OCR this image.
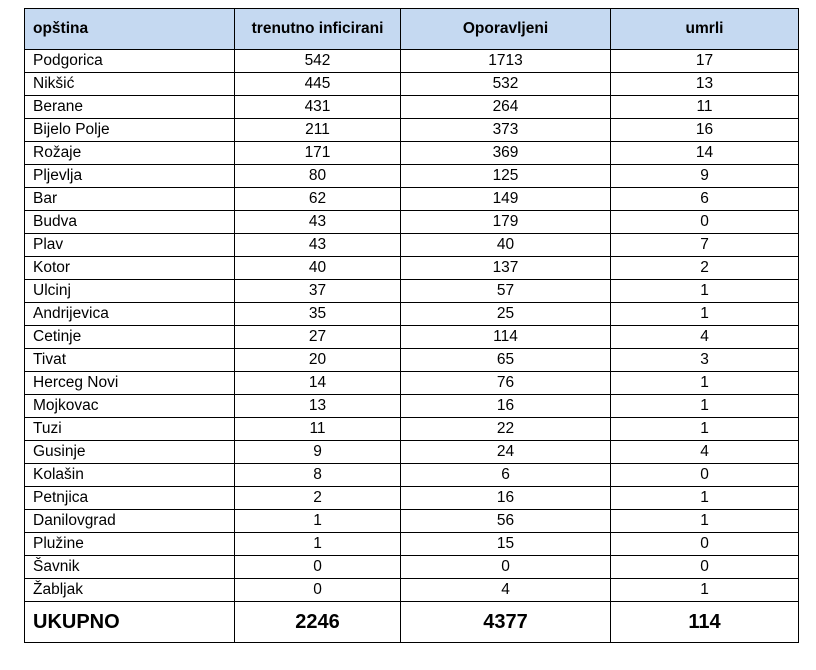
opština	trenutno inficirani	Oporavljeni	umrli
Podgorica	542	1713	17
Nikšić	445	532	13
Berane	431	264	11
Bijelo Polje	211	373	16
Rožaje	171	369	14
Pljevlja	80	125	9
Bar	62	149	6
Budva	43	179	0
Plav	43	40	7
Kotor	40	137	2
Ulcinj	37	57	1
Andrijevica	35	25	1
Cetinje	27	114	4
Tivat	20	65	3
Herceg Novi	14	76	1
Mojkovac	13	16	1
Tuzi	11	22	1
Gusinje	9	24	4
Kolašin	8	6	0
Petnjica	2	16	1
Danilovgrad	1	56	1
Plužine	1	15	0
Šavnik	0	0	0
Žabljak	0	4	1
UKUPNO	2246	4377	114
